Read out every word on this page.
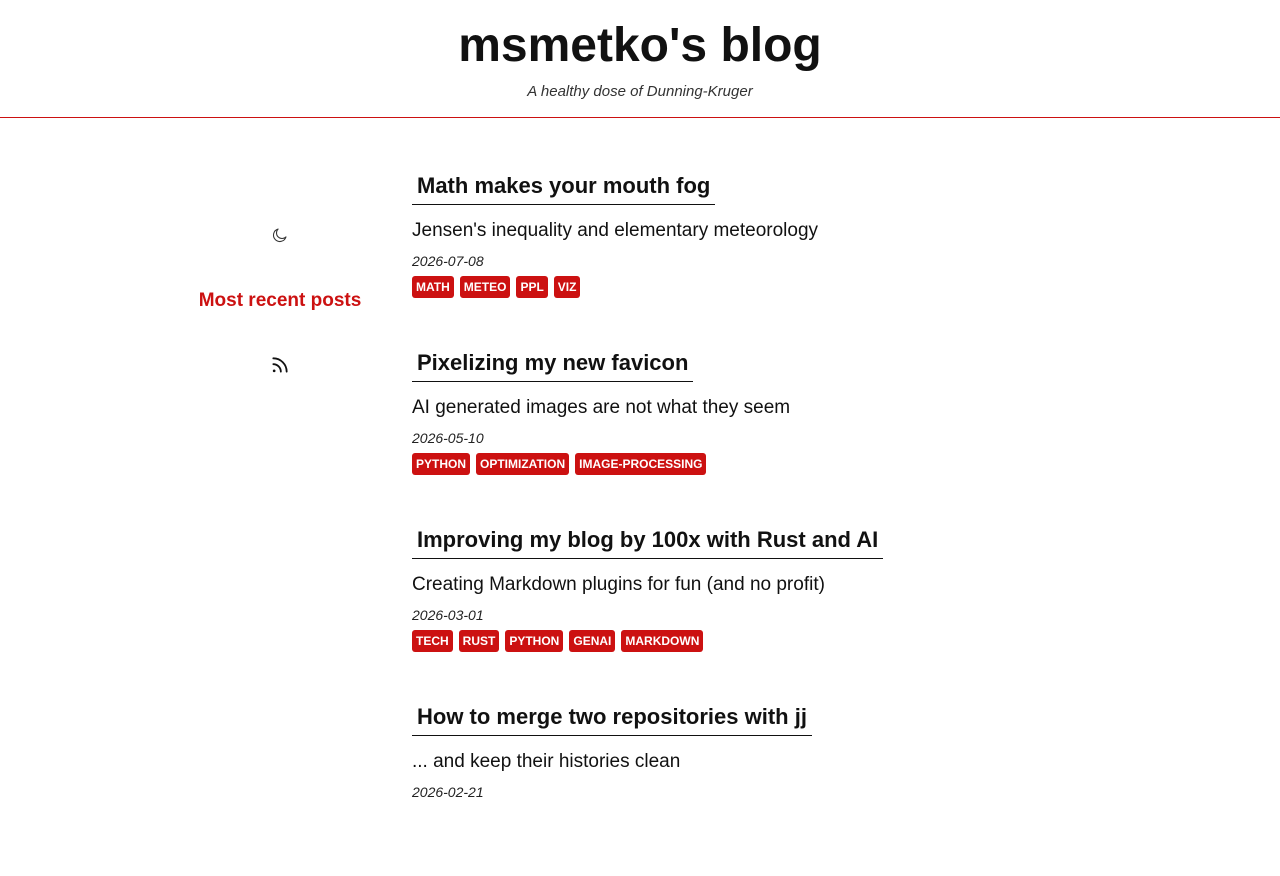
msmetko's blog
A healthy dose of Dunning-Kruger
Most recent posts
Math makes your mouth fog
Jensen's inequality and elementary meteorology
2026-07-08
MATH	METEO	PPL	VIZ
Pixelizing my new favicon
AI generated images are not what they seem
2026-05-10
PYTHON	OPTIMIZATION	IMAGE-PROCESSING
Improving my blog by 100x with Rust and AI
Creating Markdown plugins for fun (and no profit)
2026-03-01
TECH	RUST	PYTHON	GENAI	MARKDOWN
How to merge two repositories with jj
... and keep their histories clean
2026-02-21
